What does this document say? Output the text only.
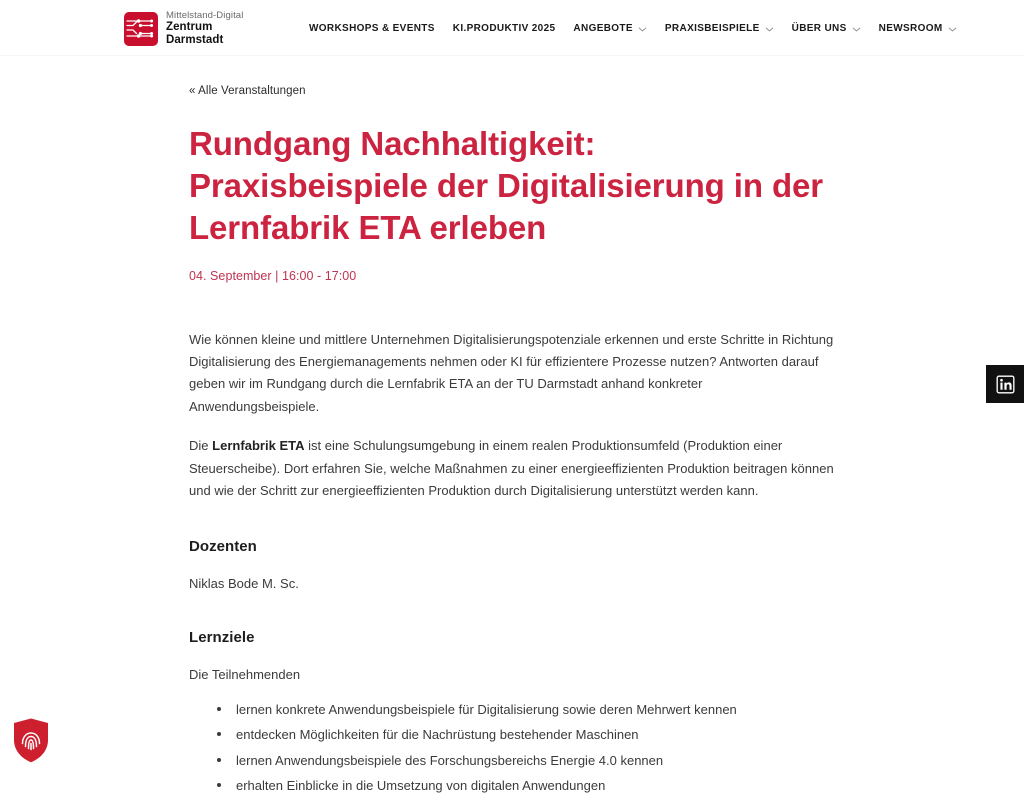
Mittelstand-Digital
Zentrum
Darmstadt
WORKSHOPS & EVENTS KI.PRODUKTIV 2025 ANGEBOTE	PRAXISBEISPIELE	ÜBER UNS	NEWSROOM
« Alle Veranstaltungen
Rundgang Nachhaltigkeit: Praxisbeispiele der Digitalisierung in der Lernfabrik ETA erleben
04. September | 16:00 - 17:00

Wie können kleine und mittlere Unternehmen Digitalisierungspotenziale erkennen und erste Schritte in Richtung Digitalisierung des Energiemanagements nehmen oder KI für effizientere Prozesse nutzen? Antworten darauf geben wir im Rundgang durch die Lernfabrik ETA an der TU Darmstadt anhand konkreter Anwendungsbeispiele.

Die Lernfabrik ETA ist eine Schulungsumgebung in einem realen Produktionsumfeld (Produktion einer Steuerscheibe). Dort erfahren Sie, welche Maßnahmen zu einer energieeffizienten Produktion beitragen können und wie der Schritt zur energieeffizienten Produktion durch Digitalisierung unterstützt werden kann.

Dozenten

Niklas Bode M. Sc.

Lernziele

Die Teilnehmenden

lernen konkrete Anwendungsbeispiele für Digitalisierung sowie deren Mehrwert kennen
entdecken Möglichkeiten für die Nachrüstung bestehender Maschinen
lernen Anwendungsbeispiele des Forschungsbereichs Energie 4.0 kennen
erhalten Einblicke in die Umsetzung von digitalen Anwendungen
